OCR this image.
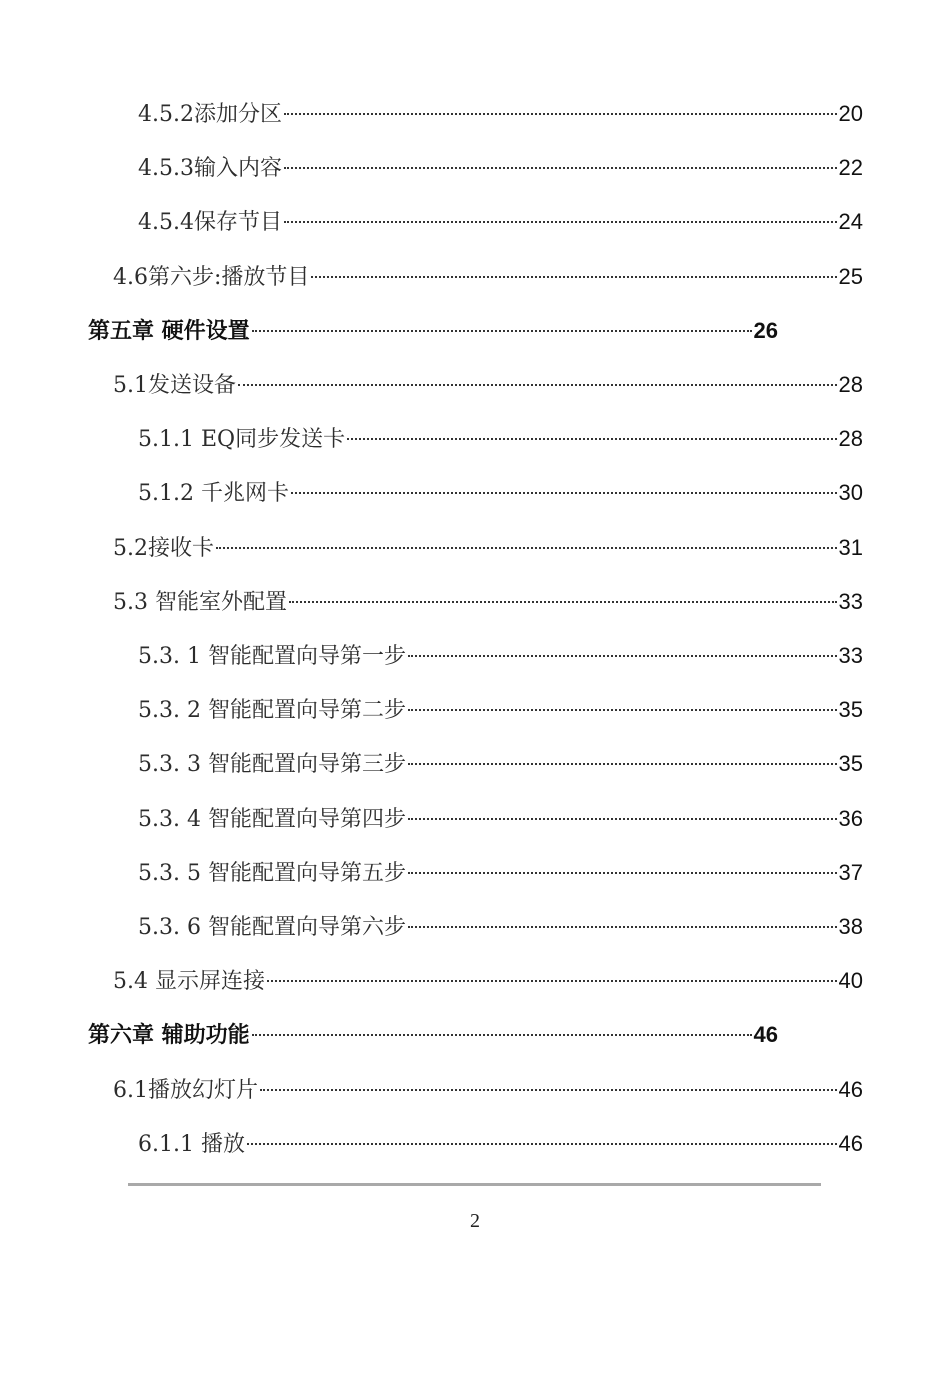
4.5.2添加分区	20
4.5.3输入内容	22
4.5.4保存节目	24
4.6第六步:播放节目	25
第五章 硬件设置	26
5.1发送设备	28
5.1.1 EQ同步发送卡	28
5.1.2 千兆网卡	30
5.2接收卡	31
5.3 智能室外配置	33
5.3. 1 智能配置向导第一步	33
5.3. 2 智能配置向导第二步	35
5.3. 3 智能配置向导第三步	35
5.3. 4 智能配置向导第四步	36
5.3. 5 智能配置向导第五步	37
5.3. 6 智能配置向导第六步	38
5.4 显示屏连接	40
第六章 辅助功能	46
6.1播放幻灯片	46
6.1.1 播放	46
2
